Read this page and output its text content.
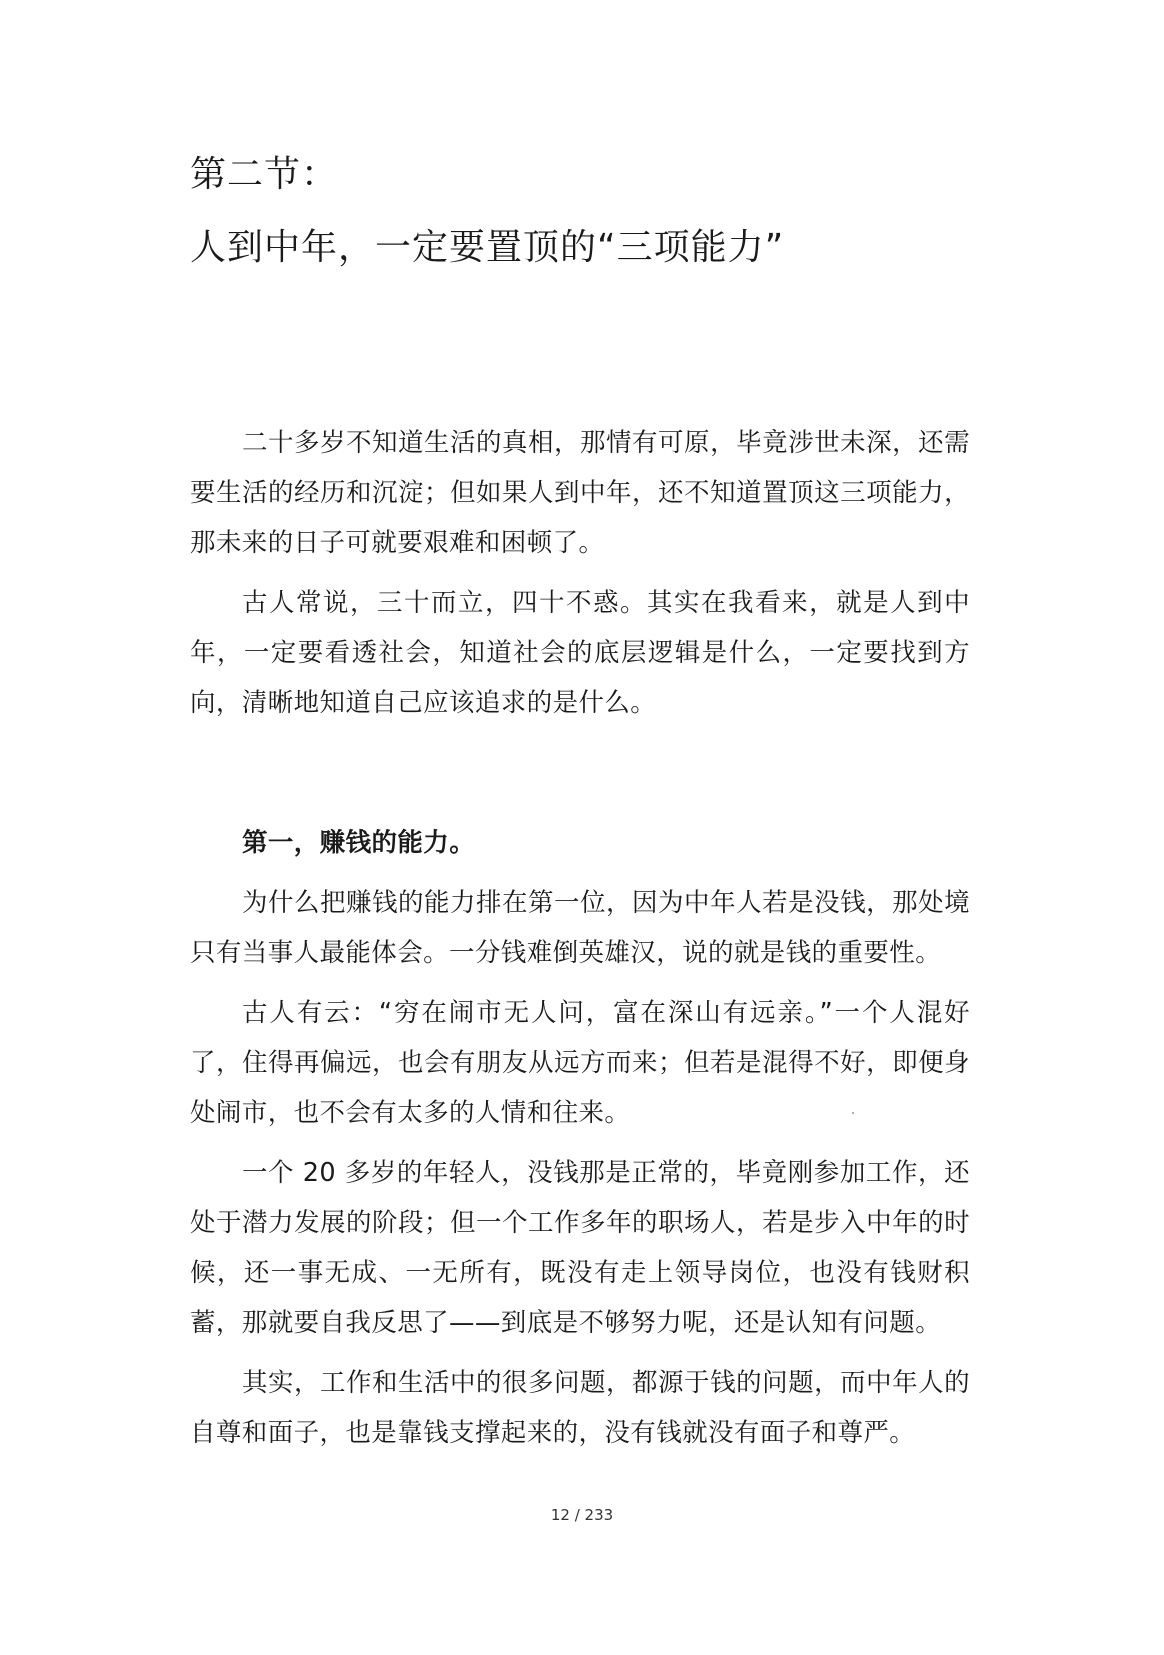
第二节：
人到中年，一定要置顶的“三项能力”

二十多岁不知道生活的真相，那情有可原，毕竟涉世未深，还需要生活的经历和沉淀；但如果人到中年，还不知道置顶这三项能力，那未来的日子可就要艰难和困顿了。

古人常说，三十而立，四十不惑。其实在我看来，就是人到中年，一定要看透社会，知道社会的底层逻辑是什么，一定要找到方向，清晰地知道自己应该追求的是什么。

第一，赚钱的能力。

为什么把赚钱的能力排在第一位，因为中年人若是没钱，那处境只有当事人最能体会。一分钱难倒英雄汉，说的就是钱的重要性。

古人有云：“穷在闹市无人问，富在深山有远亲。”一个人混好了，住得再偏远，也会有朋友从远方而来；但若是混得不好，即便身处闹市，也不会有太多的人情和往来。

一个 20 多岁的年轻人，没钱那是正常的，毕竟刚参加工作，还处于潜力发展的阶段；但一个工作多年的职场人，若是步入中年的时候，还一事无成、一无所有，既没有走上领导岗位，也没有钱财积蓄，那就要自我反思了——到底是不够努力呢，还是认知有问题。

其实，工作和生活中的很多问题，都源于钱的问题，而中年人的自尊和面子，也是靠钱支撑起来的，没有钱就没有面子和尊严。

12 / 233
